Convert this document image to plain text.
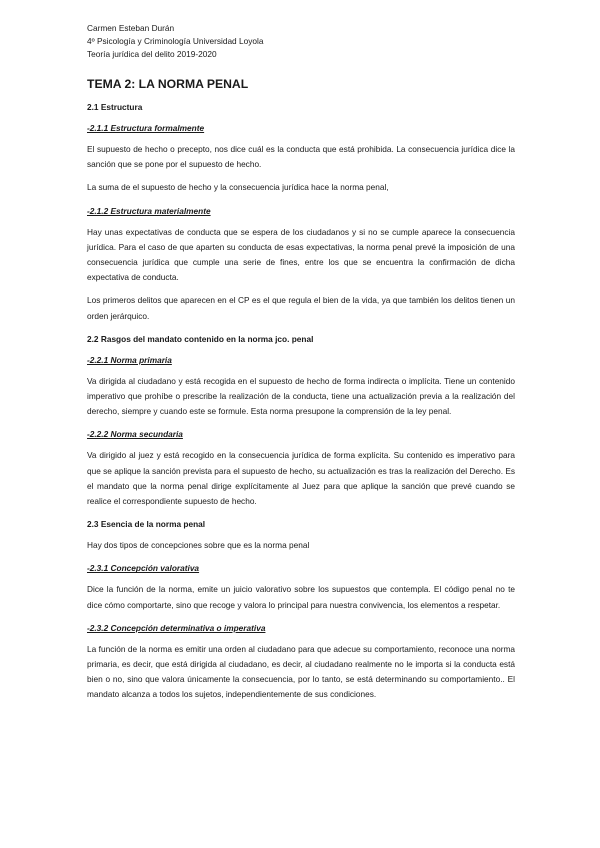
Carmen Esteban Durán

4º Psicología y Criminología Universidad Loyola

Teoría jurídica del delito 2019-2020

TEMA 2: LA NORMA PENAL
2.1 Estructura
-2.1.1 Estructura formalmente

El supuesto de hecho o precepto, nos dice cuál es la conducta que está prohibida. La consecuencia jurídica dice la sanción que se pone por el supuesto de hecho.

La suma de el supuesto de hecho y la consecuencia jurídica hace la norma penal,

-2.1.2 Estructura materialmente

Hay unas expectativas de conducta que se espera de los ciudadanos y si no se cumple aparece la consecuencia jurídica. Para el caso de que aparten su conducta de esas expectativas, la norma penal prevé la imposición de una consecuencia jurídica que cumple una serie de fines, entre los que se encuentra la confirmación de dicha expectativa de conducta.

Los primeros delitos que aparecen en el CP es el que regula el bien de la vida, ya que también los delitos tienen un orden jerárquico.

2.2 Rasgos del mandato contenido en la norma jco. penal
-2.2.1 Norma primaria

Va dirigida al ciudadano y está recogida en el supuesto de hecho de forma indirecta o implícita. Tiene un contenido imperativo que prohíbe o prescribe la realización de la conducta, tiene una actualización previa a la realización del derecho, siempre y cuando este se formule. Esta norma presupone la comprensión de la ley penal.

-2.2.2 Norma secundaria

Va dirigido al juez y está recogido en la consecuencia jurídica de forma explícita. Su contenido es imperativo para que se aplique la sanción prevista para el supuesto de hecho, su actualización es tras la realización del Derecho. Es el mandato que la norma penal dirige explícitamente al Juez para que aplique la sanción que prevé cuando se realice el correspondiente supuesto de hecho.

2.3 Esencia de la norma penal

Hay dos tipos de concepciones sobre que es la norma penal

-2.3.1 Concepción valorativa

Dice la función de la norma, emite un juicio valorativo sobre los supuestos que contempla. El código penal no te dice cómo comportarte, sino que recoge y valora lo principal para nuestra convivencia, los elementos a respetar.

-2.3.2 Concepción determinativa o imperativa

La función de la norma es emitir una orden al ciudadano para que adecue su comportamiento, reconoce una norma primaria, es decir, que está dirigida al ciudadano, es decir, al ciudadano realmente no le importa si la conducta está bien o no, sino que valora únicamente la consecuencia, por lo tanto, se está determinando su comportamiento.. El mandato alcanza a todos los sujetos, independientemente de sus condiciones.
